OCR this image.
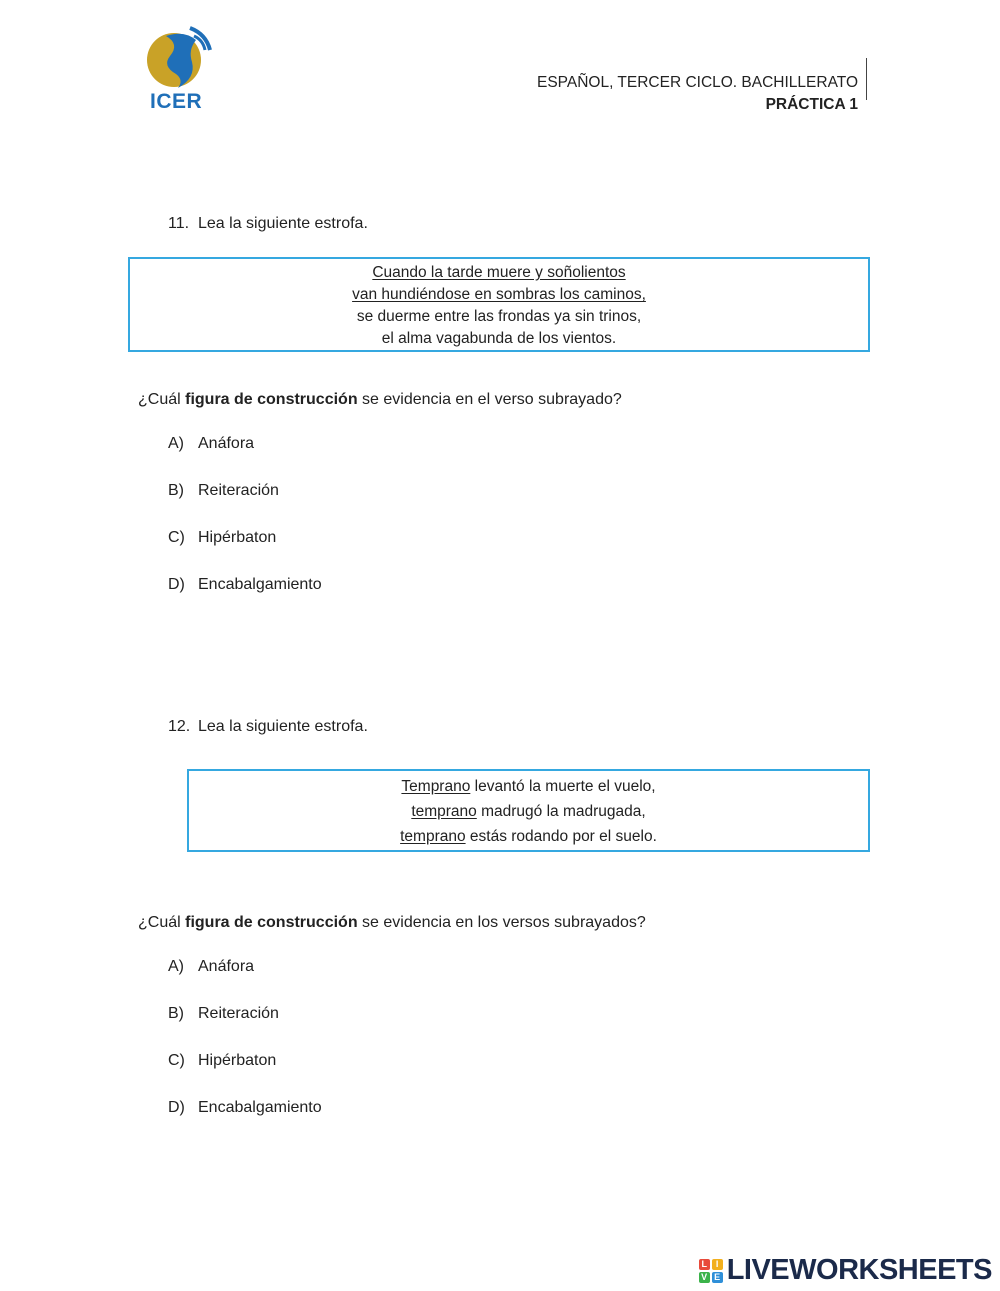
ICER
ESPAÑOL, TERCER CICLO. BACHILLERATO
PRÁCTICA 1
11. Lea la siguiente estrofa.
Cuando la tarde muere y soñolientos
van hundiéndose en sombras los caminos,
se duerme entre las frondas ya sin trinos,
el alma vagabunda de los vientos.
¿Cuál figura de construcción se evidencia en el verso subrayado?
A) Anáfora
B) Reiteración
C) Hipérbaton
D) Encabalgamiento
12. Lea la siguiente estrofa.
Temprano levantó la muerte el vuelo,
temprano madrugó la madrugada,
temprano estás rodando por el suelo.
¿Cuál figura de construcción se evidencia en los versos subrayados?
A) Anáfora
B) Reiteración
C) Hipérbaton
D) Encabalgamiento
L I
V E LIVEWORKSHEETS
